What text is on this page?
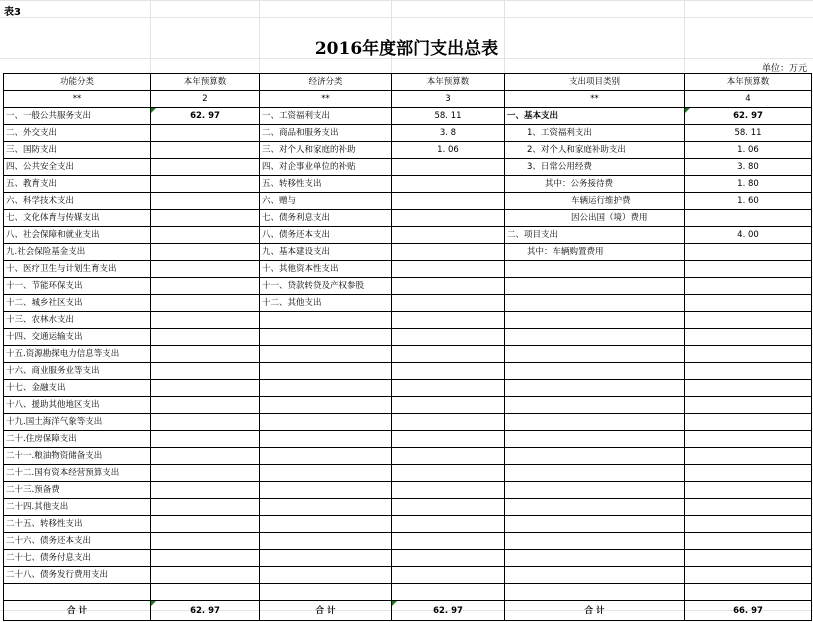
表3
2016年度部门支出总表
单位：万元
功能分类	本年预算数	经济分类	本年预算数	支出项目类别	本年预算数
**	2	**	3	**	4
一、一般公共服务支出	62. 97	一、工资福利支出	58. 11	一、基本支出	62. 97
二、外交支出		二、商品和服务支出	3. 8	1、工资福利支出	58. 11
三、国防支出		三、对个人和家庭的补助	1. 06	2、对个人和家庭补助支出	1. 06
四、公共安全支出		四、对企事业单位的补贴		3、日常公用经费	3. 80
五、教育支出		五、转移性支出		其中：公务接待费	1. 80
六、科学技术支出		六、赠与		车辆运行维护费	1. 60
七、文化体育与传媒支出		七、债务利息支出		因公出国（境）费用	
八、社会保障和就业支出		八、债务还本支出		二、项目支出	4. 00
九.社会保险基金支出		九、基本建设支出		其中：车辆购置费用	
十、医疗卫生与计划生育支出		十、其他资本性支出			
十一、节能环保支出		十一、贷款转贷及产权参股			
十二、城乡社区支出		十二、其他支出			
十三、农林水支出					
十四、交通运输支出					
十五.资源勘探电力信息等支出					
十六、商业服务业等支出					
十七、金融支出					
十八、援助其他地区支出					
十九.国土海洋气象等支出					
二十.住房保障支出					
二十一.粮油物资储备支出					
二十二.国有资本经营预算支出					
二十三.预备费					
二十四.其他支出					
二十五、转移性支出					
二十六、债务还本支出					
二十七、债务付息支出					
二十八、债务发行费用支出					

合 计	62. 97	合 计	62. 97	合 计	66. 97
